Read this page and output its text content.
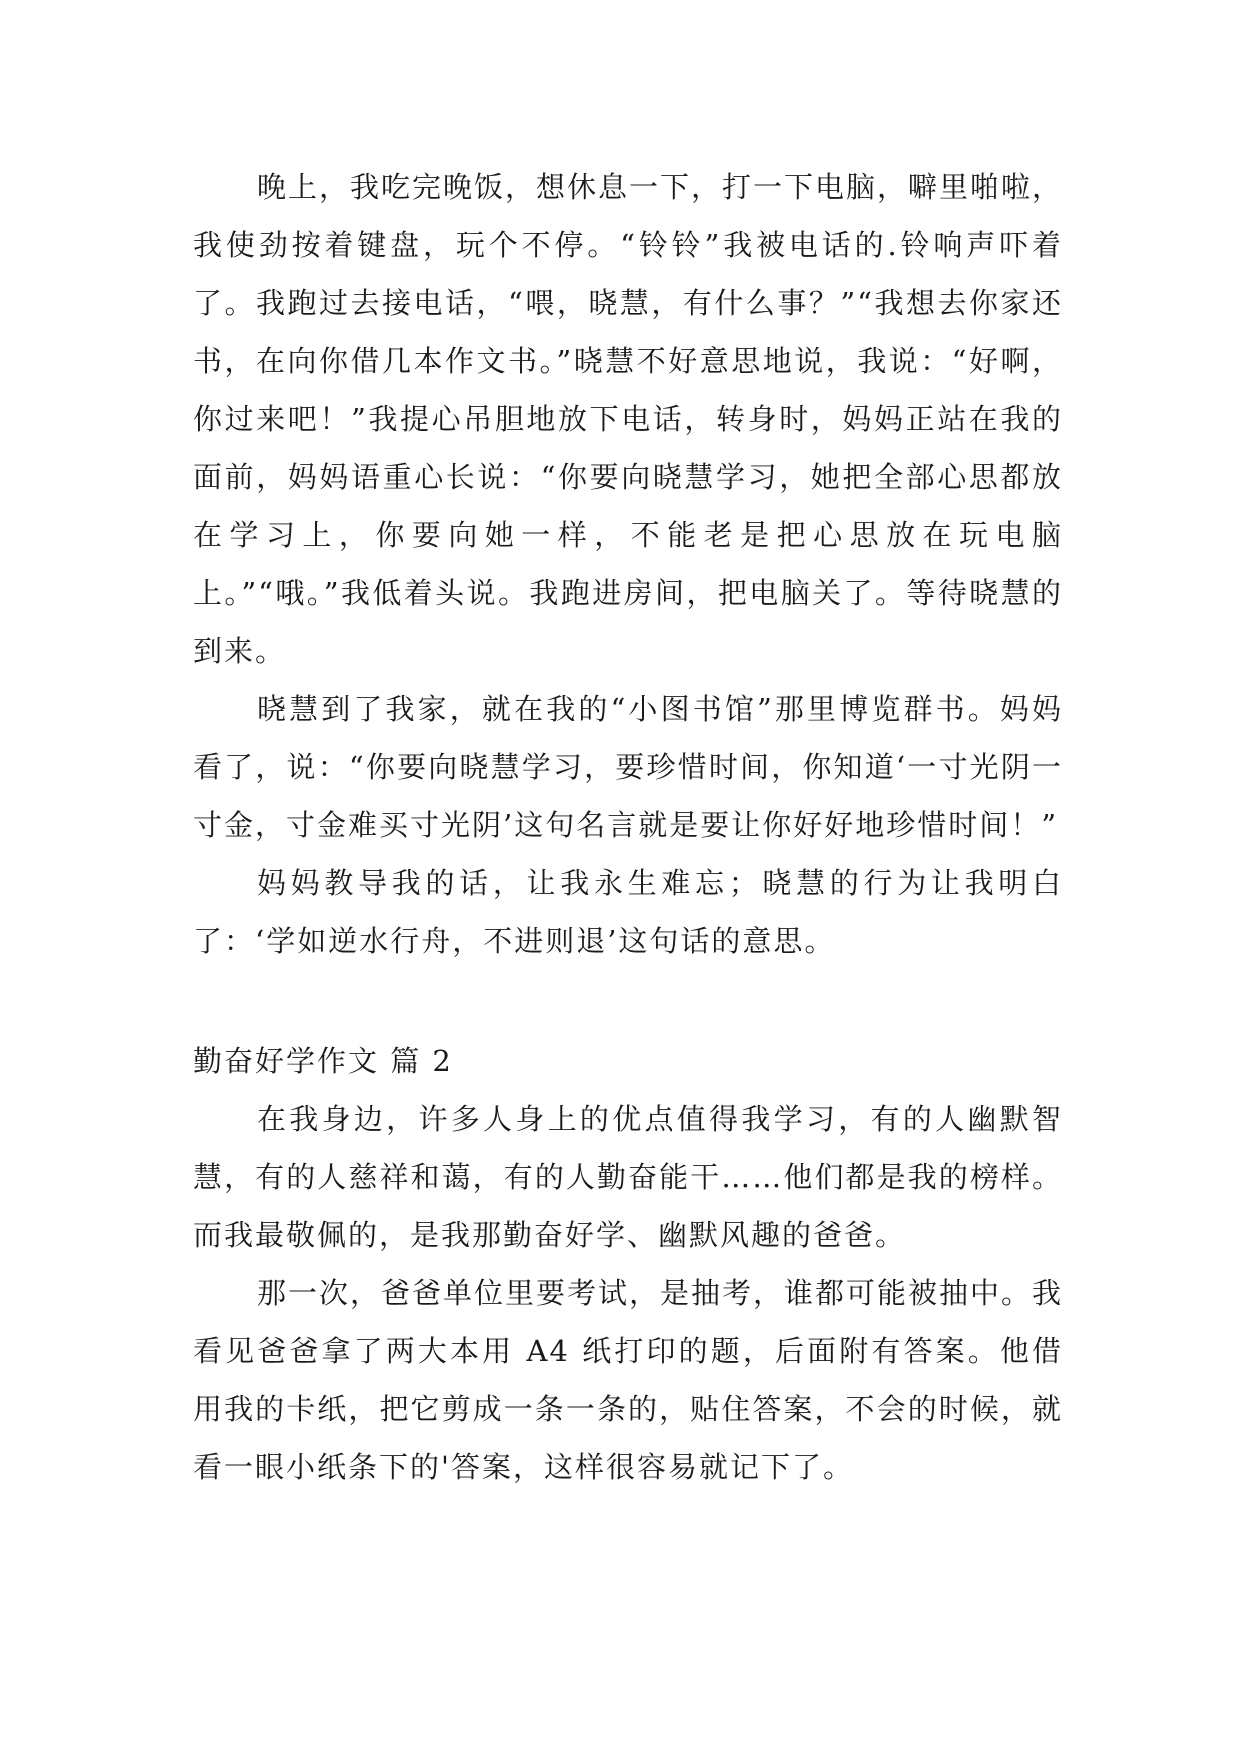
晚上，我吃完晚饭，想休息一下，打一下电脑，噼里啪啦，我使劲按着键盘，玩个不停。“铃铃”我被电话的.铃响声吓着了。我跑过去接电话，“喂，晓慧，有什么事？”“我想去你家还书，在向你借几本作文书。”晓慧不好意思地说，我说：“好啊，你过来吧！”我提心吊胆地放下电话，转身时，妈妈正站在我的面前，妈妈语重心长说：“你要向晓慧学习，她把全部心思都放在学习上，你要向她一样，不能老是把心思放在玩电脑上。”“哦。”我低着头说。我跑进房间，把电脑关了。等待晓慧的到来。

晓慧到了我家，就在我的“小图书馆”那里博览群书。妈妈看了，说：“你要向晓慧学习，要珍惜时间，你知道‘一寸光阴一寸金，寸金难买寸光阴’这句名言就是要让你好好地珍惜时间！”

妈妈教导我的话，让我永生难忘；晓慧的行为让我明白了：‘学如逆水行舟，不进则退’这句话的意思。

勤奋好学作文 篇 2

在我身边，许多人身上的优点值得我学习，有的人幽默智慧，有的人慈祥和蔼，有的人勤奋能干……他们都是我的榜样。而我最敬佩的，是我那勤奋好学、幽默风趣的爸爸。

那一次，爸爸单位里要考试，是抽考，谁都可能被抽中。我看见爸爸拿了两大本用 A4 纸打印的题，后面附有答案。他借用我的卡纸，把它剪成一条一条的，贴住答案，不会的时候，就看一眼小纸条下的'答案，这样很容易就记下了。
